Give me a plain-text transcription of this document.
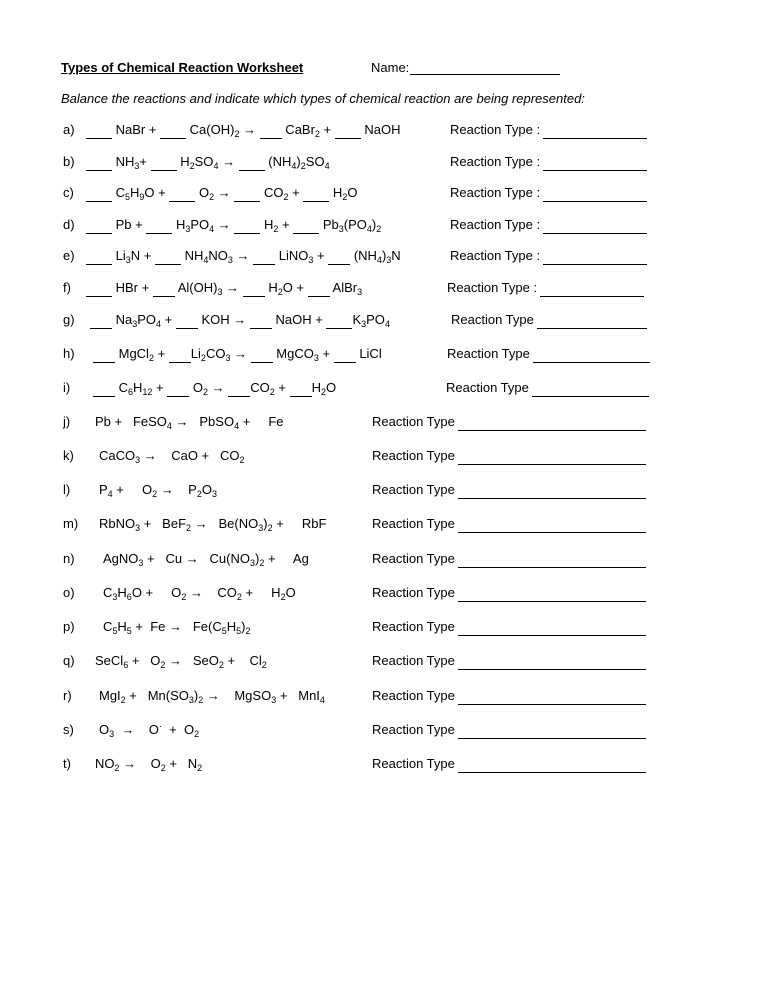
Types of Chemical Reaction Worksheet	Name:
Balance the reactions and indicate which types of chemical reaction are being represented:
a)	NaBr +  $Ca(OH)_2$ →  CaBr$_2$ +  NaOH	Reaction Type :
b)	$NH_3+ H_2SO_4 \to (NH_4)_2SO_4$	Reaction Type :
c)	$C_5H_9O + O_2 \to CO_2 + H_2O$	Reaction Type :
d)	$Pb + H_3PO_4 \to H_2 + Pb_3(PO_4)_2$	Reaction Type :
e)	$Li_3N + NH_4NO_3$ →  LiNO$_3$ +  $(NH_4)_3N$	Reaction Type :
f)	HBr +  $Al(OH)_3 \to H_2O$ +  AlBr$_3$	Reaction Type :
g)	$Na_3PO_4$ +  KOH →  NaOH + $K_3PO_4$	Reaction Type
h)	MgCl$_2$ + $Li_2CO_3$ →  MgCO$_3$ +  LiCl	Reaction Type
i)	$C_6H_{12} + O_2 \to CO_2 + H_2O$	Reaction Type
j) Pb +   FeSO$_4$ →   PbSO$_4$ +     Fe	Reaction Type
k) CaCO$_3$ →    CaO +   $CO_2$	Reaction Type
l) $P_4$ +     $O_2$ →    $P_2O_3$	Reaction Type
m) RbNO$_3$ +   $BeF_2 \to Be(NO_3)_2$ +     RbF	Reaction Type
n) AgNO$_3$ +   $Cu \to Cu(NO_3)_2$ +     Ag	Reaction Type
o) $C_3H_6O$ +     $O_2$ →    $CO_2$ +     $H_2O$	Reaction Type
p) $C_5H_5 + Fe \to Fe(C_5H_5)_2$	Reaction Type
q) SeCl$_6$ +   $O_2 \to SeO_2$ +    $Cl_2$	Reaction Type
r) $MgI_2 + Mn(SO_3)_2$ →    MgSO$_3$ +   MnI$_4$	Reaction Type
s) $O_3$  →    $O^\cdot + O_2$	Reaction Type
t) $NO_2$ →    $O_2 + N_2$	Reaction Type
